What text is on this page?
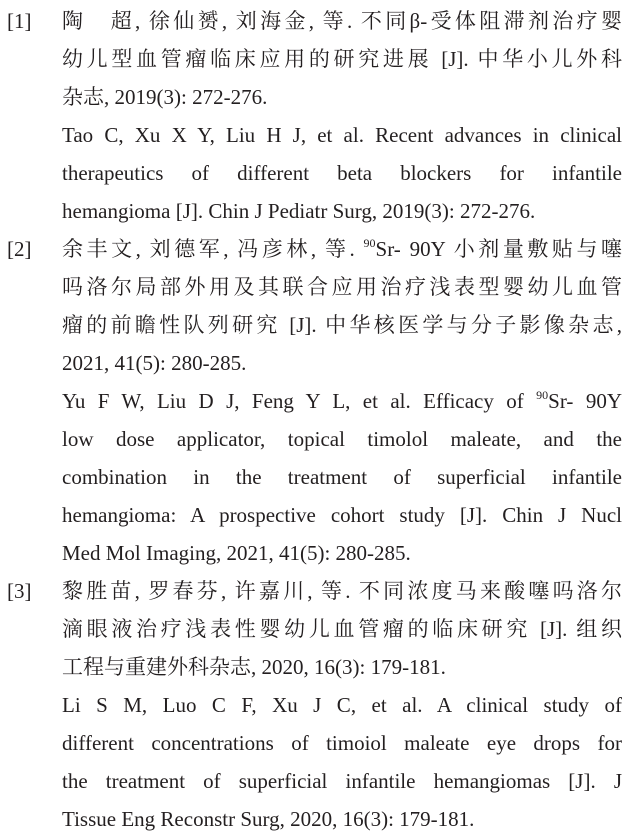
[1] 陶　超, 徐仙赟, 刘海金, 等. 不同β-受体阻滞剂治疗婴
幼儿型血管瘤临床应用的研究进展 [J]. 中华小儿外科
杂志, 2019(3): 272-276.
Tao C, Xu X Y, Liu H J, et al. Recent advances in clinical
therapeutics of different beta blockers for infantile
hemangioma [J]. Chin J Pediatr Surg, 2019(3): 272-276.
[2] 余丰文, 刘德军, 冯彦林, 等. $^{90}$Sr- 90Y 小剂量敷贴与噻
吗洛尔局部外用及其联合应用治疗浅表型婴幼儿血管
瘤的前瞻性队列研究 [J]. 中华核医学与分子影像杂志,
2021, 41(5): 280-285.
Yu F W, Liu D J, Feng Y L, et al. Efficacy of $^{90}$Sr- 90Y
low dose applicator, topical timolol maleate, and the
combination in the treatment of superficial infantile
hemangioma: A prospective cohort study [J]. Chin J Nucl
Med Mol Imaging, 2021, 41(5): 280-285.
[3] 黎胜苗, 罗春芬, 许嘉川, 等. 不同浓度马来酸噻吗洛尔
滴眼液治疗浅表性婴幼儿血管瘤的临床研究 [J]. 组织
工程与重建外科杂志, 2020, 16(3): 179-181.
Li S M, Luo C F, Xu J C, et al. A clinical study of
different concentrations of timoiol maleate eye drops for
the treatment of superficial infantile hemangiomas [J]. J
Tissue Eng Reconstr Surg, 2020, 16(3): 179-181.
